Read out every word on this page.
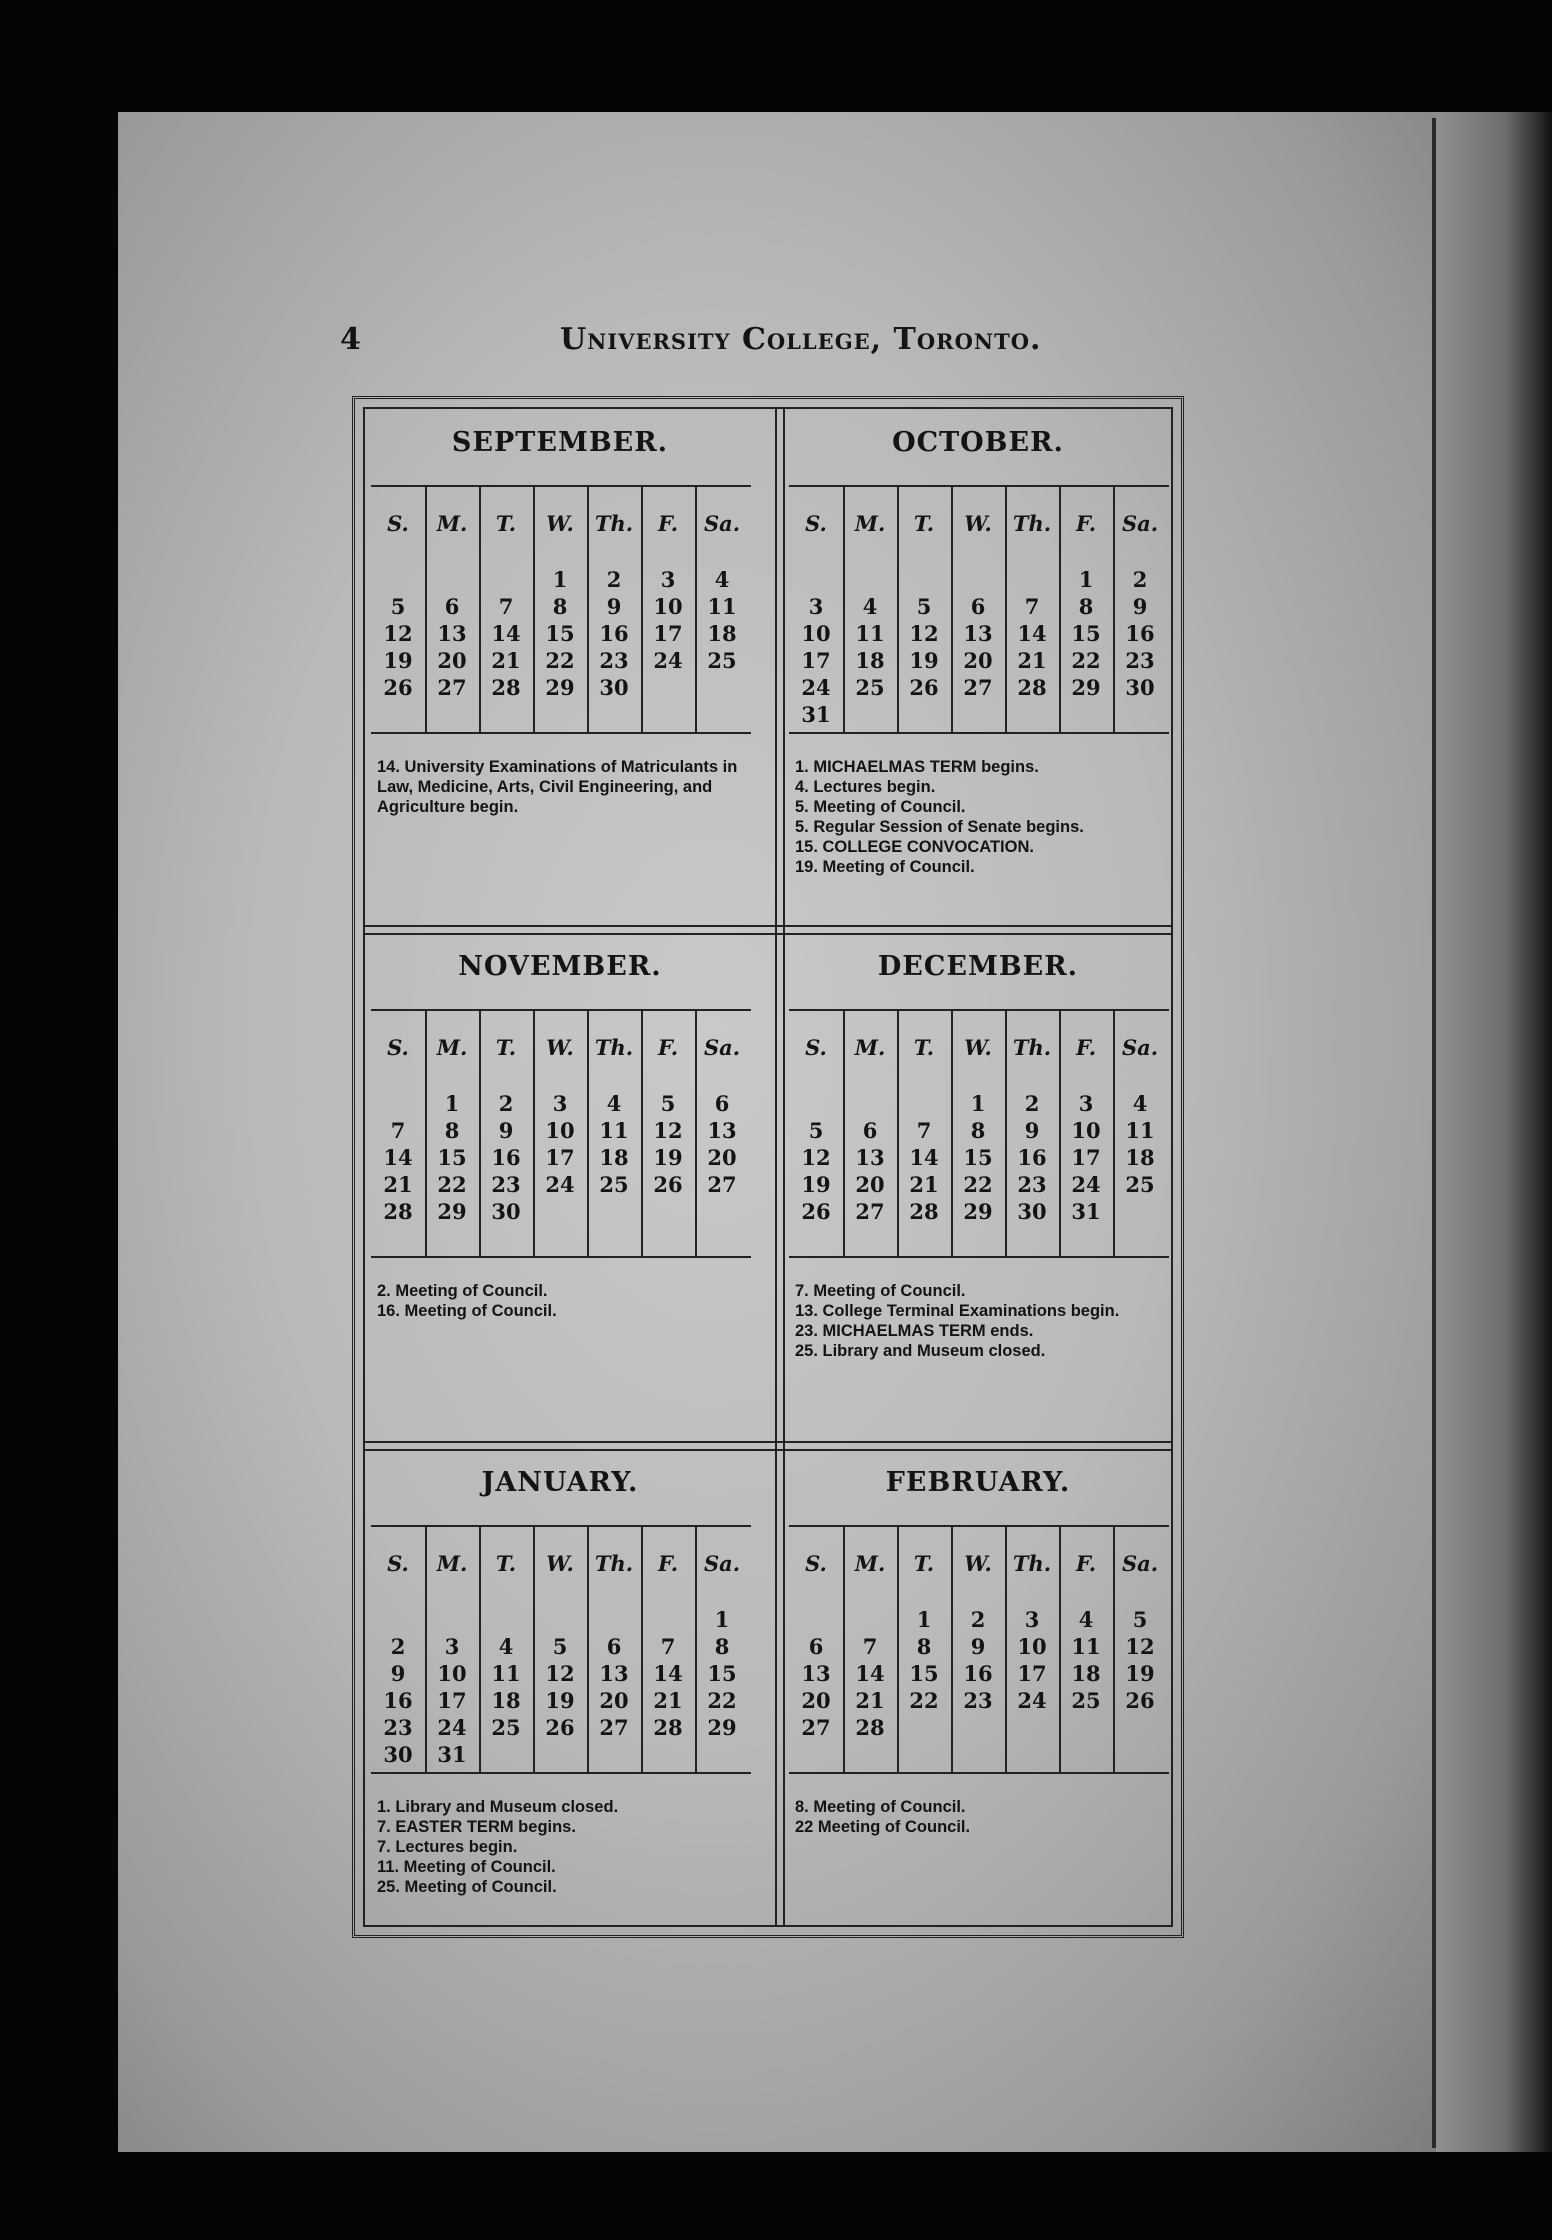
4	University College, Toronto.
SEPTEMBER.
S.
5
12
19
26
M.
6
13
20
27
T.
7
14
21
28
W.
1
8
15
22
29
Th.
2
9
16
23
30
F.
3
10
17
24
Sa.
4
11
18
25
14. University Examinations of Matriculants in Law, Medicine, Arts, Civil Engineering, and Agriculture begin.
OCTOBER.
S.
3
10
17
24
31
M.
4
11
18
25
T.
5
12
19
26
W.
6
13
20
27
Th.
7
14
21
28
F.
1
8
15
22
29
Sa.
2
9
16
23
30
1. MICHAELMAS TERM begins.
4. Lectures begin.
5. Meeting of Council.
5. Regular Session of Senate begins.
15. COLLEGE CONVOCATION.
19. Meeting of Council.
NOVEMBER.
S.
7
14
21
28
M.
1
8
15
22
29
T.
2
9
16
23
30
W.
3
10
17
24
Th.
4
11
18
25
F.
5
12
19
26
Sa.
6
13
20
27
2. Meeting of Council.
16. Meeting of Council.
DECEMBER.
S.
5
12
19
26
M.
6
13
20
27
T.
7
14
21
28
W.
1
8
15
22
29
Th.
2
9
16
23
30
F.
3
10
17
24
31
Sa.
4
11
18
25
7. Meeting of Council.
13. College Terminal Examinations begin.
23. MICHAELMAS TERM ends.
25. Library and Museum closed.
JANUARY.
S.
2
9
16
23
30
M.
3
10
17
24
31
T.
4
11
18
25
W.
5
12
19
26
Th.
6
13
20
27
F.
7
14
21
28
Sa.
1
8
15
22
29
1. Library and Museum closed.
7. EASTER TERM begins.
7. Lectures begin.
11. Meeting of Council.
25. Meeting of Council.
FEBRUARY.
S.
6
13
20
27
M.
7
14
21
28
T.
1
8
15
22
W.
2
9
16
23
Th.
3
10
17
24
F.
4
11
18
25
Sa.
5
12
19
26
8. Meeting of Council.
22 Meeting of Council.
